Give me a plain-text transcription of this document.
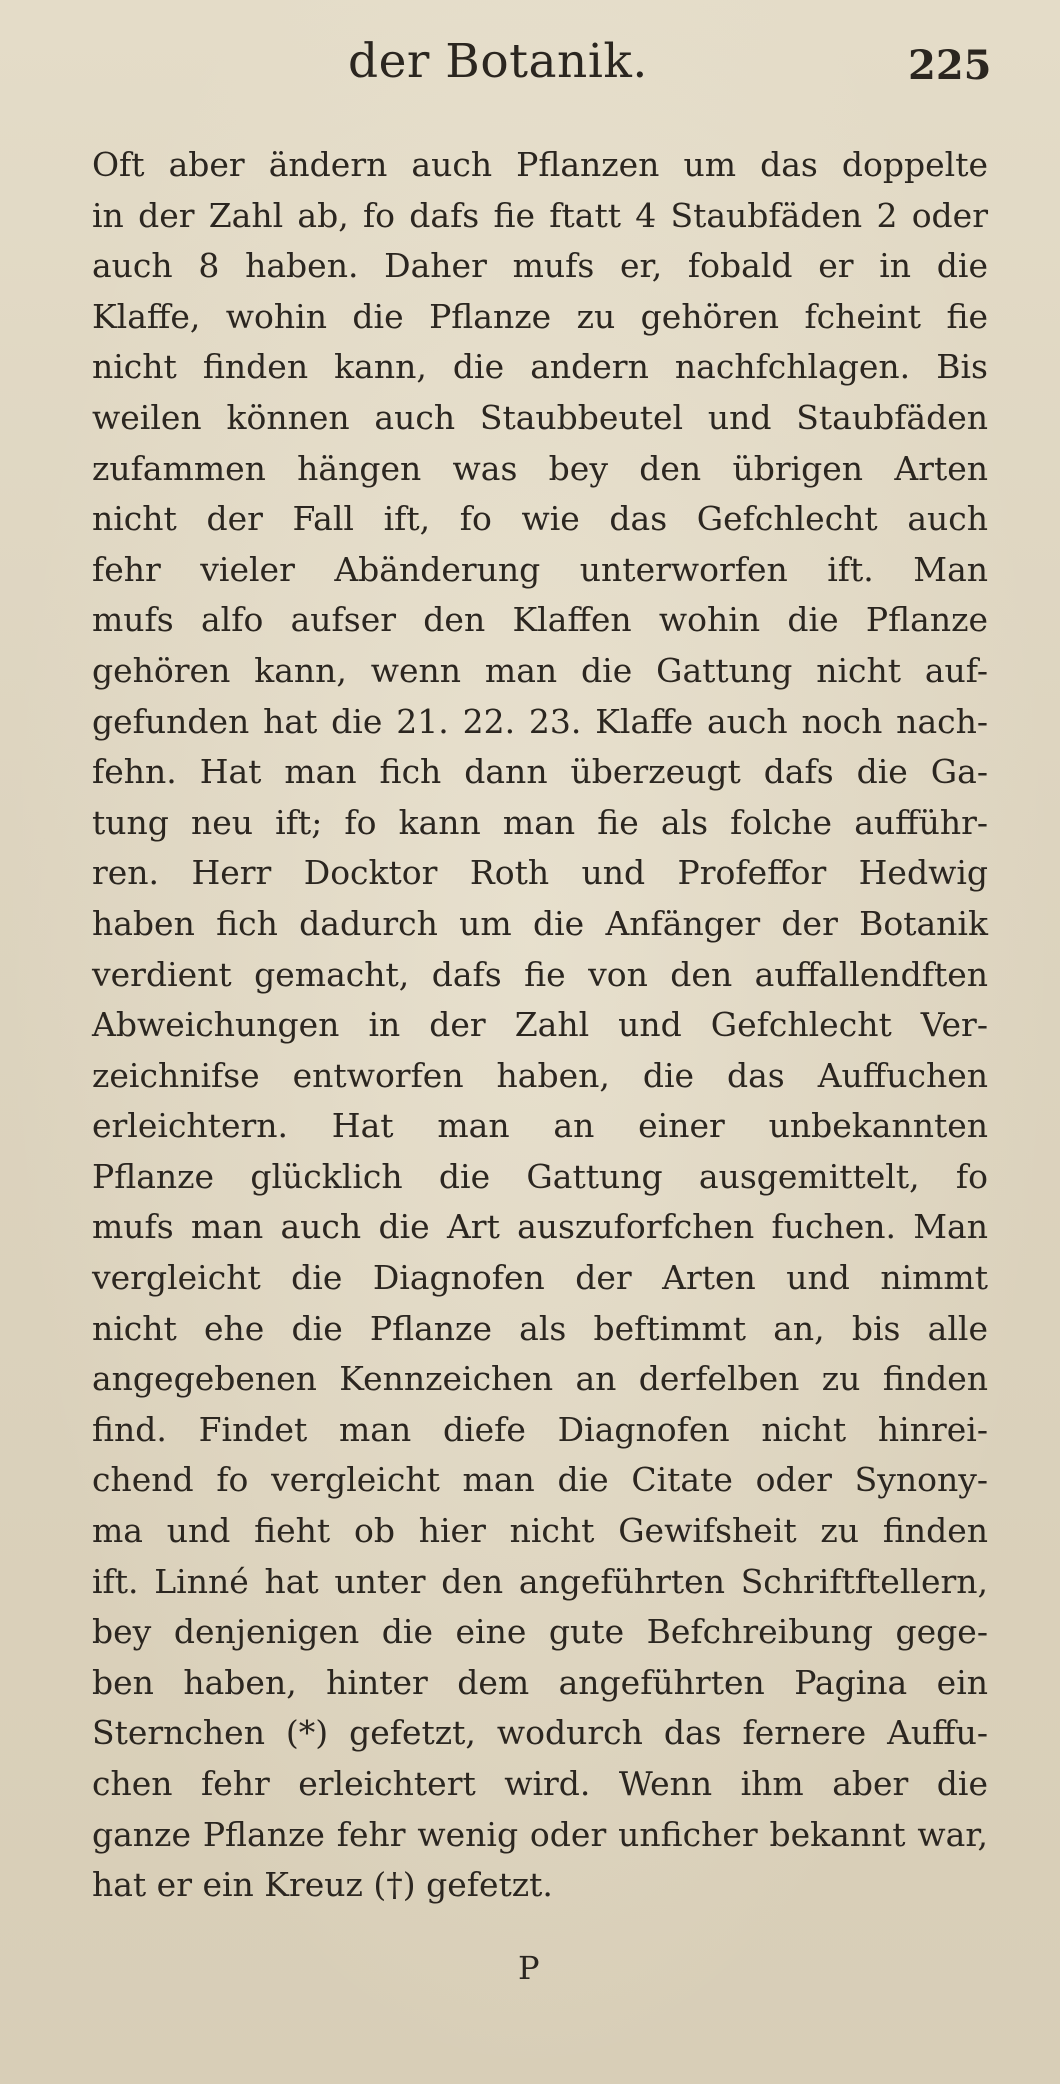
der Botanik.	225
Oft aber ändern auch Pflanzen um das doppelte
in der Zahl ab, fo dafs fie ftatt 4 Staubfäden 2 oder
auch 8 haben. Daher mufs er, fobald er in die
Klaffe, wohin die Pflanze zu gehören fcheint fie
nicht finden kann, die andern nachfchlagen. Bis
weilen können auch Staubbeutel und Staubfäden
zufammen hängen was bey den übrigen Arten
nicht der Fall ift, fo wie das Gefchlecht auch
fehr vieler Abänderung unterworfen ift. Man
mufs alfo aufser den Klaffen wohin die Pflanze
gehören kann, wenn man die Gattung nicht auf-
gefunden hat die 21. 22. 23. Klaffe auch noch nach-
fehn. Hat man fich dann überzeugt dafs die Ga-
tung neu ift; fo kann man fie als folche aufführ-
ren. Herr Docktor Roth und Profeffor Hedwig
haben fich dadurch um die Anfänger der Botanik
verdient gemacht, dafs fie von den auffallendften
Abweichungen in der Zahl und Gefchlecht Ver-
zeichnifse entworfen haben, die das Auffuchen
erleichtern. Hat man an einer unbekannten
Pflanze glücklich die Gattung ausgemittelt, fo
mufs man auch die Art auszuforfchen fuchen. Man
vergleicht die Diagnofen der Arten und nimmt
nicht ehe die Pflanze als beftimmt an, bis alle
angegebenen Kennzeichen an derfelben zu finden
find. Findet man diefe Diagnofen nicht hinrei-
chend fo vergleicht man die Citate oder Synony-
ma und fieht ob hier nicht Gewifsheit zu finden
ift. Linné hat unter den angeführten Schriftftellern,
bey denjenigen die eine gute Befchreibung gege-
ben haben, hinter dem angeführten Pagina ein
Sternchen (*) gefetzt, wodurch das fernere Auffu-
chen fehr erleichtert wird. Wenn ihm aber die
ganze Pflanze fehr wenig oder unficher bekannt war,
hat er ein Kreuz (†) gefetzt.
P
